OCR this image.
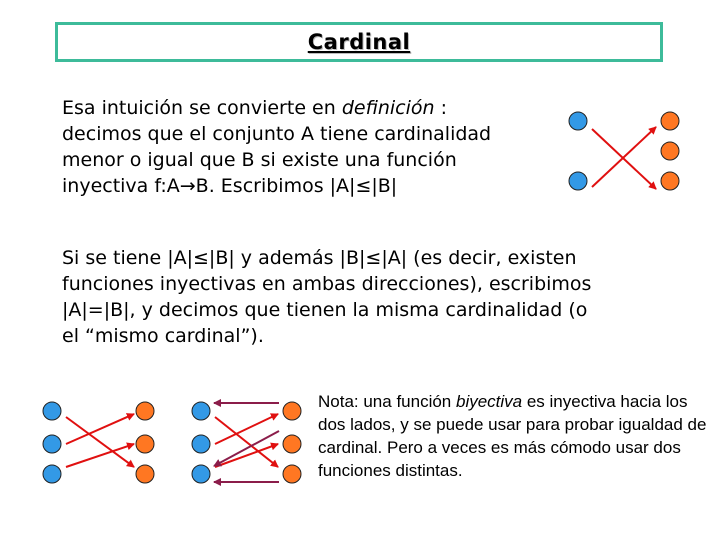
Cardinal

Esa intuición se convierte en definición :
decimos que el conjunto A tiene cardinalidad
menor o igual que B si existe una función
inyectiva f:A→B. Escribimos |A|≤|B|

Si se tiene |A|≤|B| y además |B|≤|A| (es decir, existen
funciones inyectivas en ambas direcciones), escribimos
|A|=|B|, y decimos que tienen la misma cardinalidad (o
el “mismo cardinal”).

Nota: una función biyectiva es inyectiva hacia los dos lados, y se puede usar para probar igualdad de cardinal. Pero a veces es más cómodo usar dos funciones distintas.
